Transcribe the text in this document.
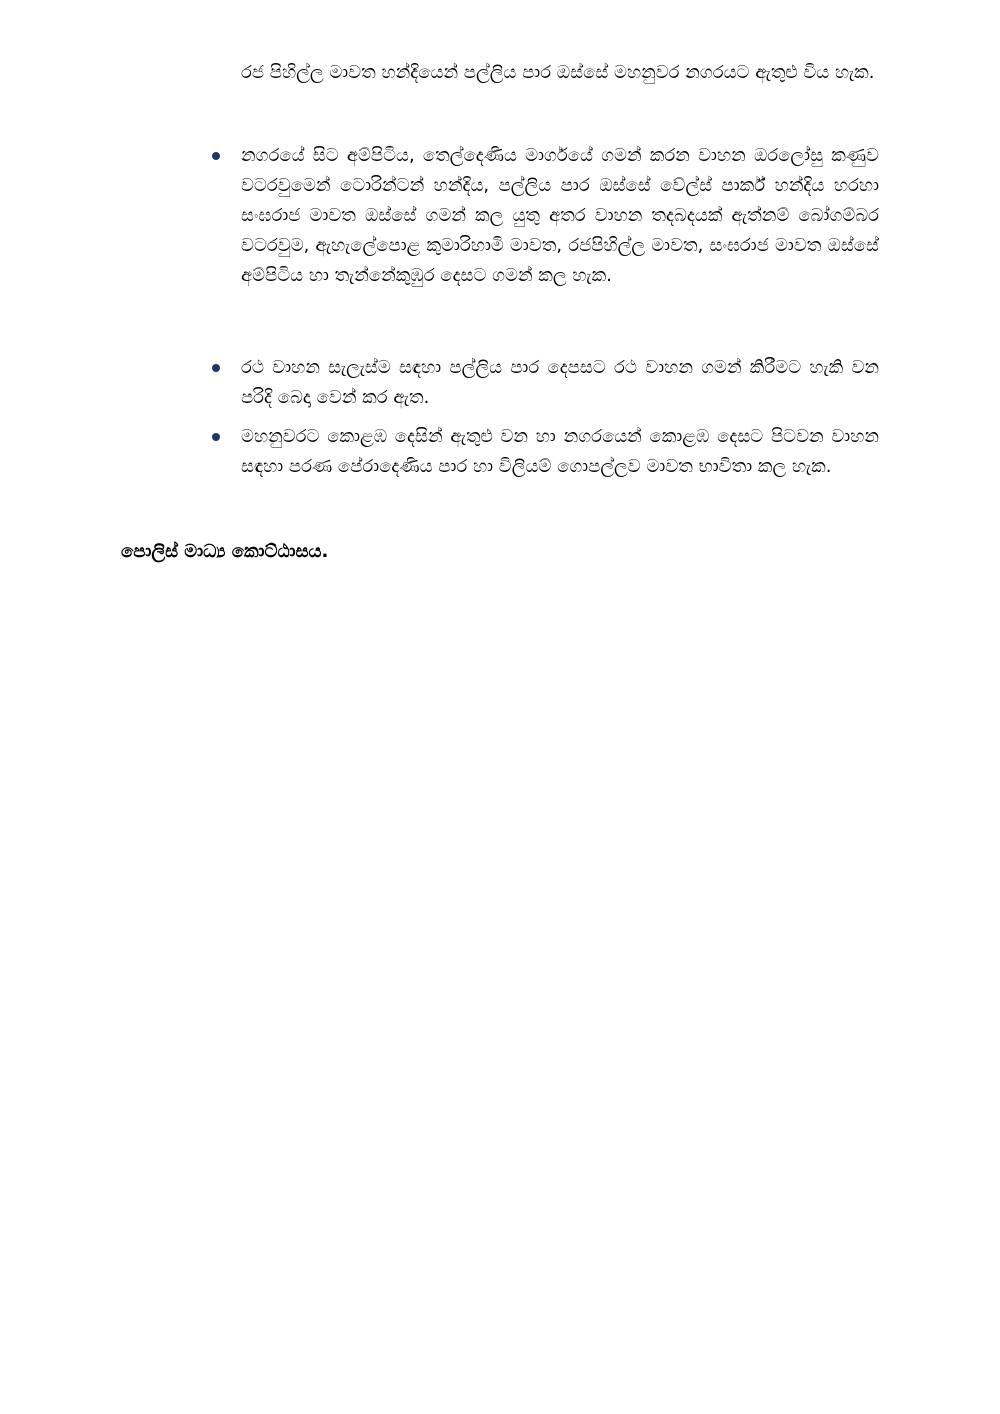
රජ පිහිල්ල මාවත හන්දියෙන් පල්ලිය පාර ඔස්සේ මහනුවර නගරයට ඇතුළු විය හැක.

නගරයේ සිට අම්පිටිය, තෙල්දෙණිය මාර්ගයේ ගමන් කරන වාහන ඔරලෝසු කණුව වටරවුමෙන් ටොරින්ටන් හන්දිය, පල්ලිය පාර ඔස්සේ වේල්ස් පාර්ක් හන්දිය හරහා සංඝරාජ මාවත ඔස්සේ ගමන් කල යුතු අතර වාහන තදබදයක් ඇත්නම් බෝගම්බර වටරවුම, ඇහැලේපොළ කුමාරිහාමි මාවත, රජපිහිල්ල මාවත, සංඝරාජ මාවත ඔස්සේ අම්පිටිය හා තැන්නේකුඹුර දෙසට ගමන් කල හැක.

රථ වාහන සැලැස්ම සඳහා පල්ලිය පාර දෙපසට රථ වාහන ගමන් කිරීමට හැකි වන පරිදි බෙදා වෙන් කර ඇත.

මහනුවරට කොළඹ දෙසින් ඇතුළු වන හා නගරයෙන් කොළඹ දෙසට පිටවන වාහන සඳහා පරණ පේරාදෙණිය පාර හා විලියම් ගොපල්ලව මාවත භාවිතා කල හැක.

පොලිස් මාධ්‍ය කොට්ඨාසය.
